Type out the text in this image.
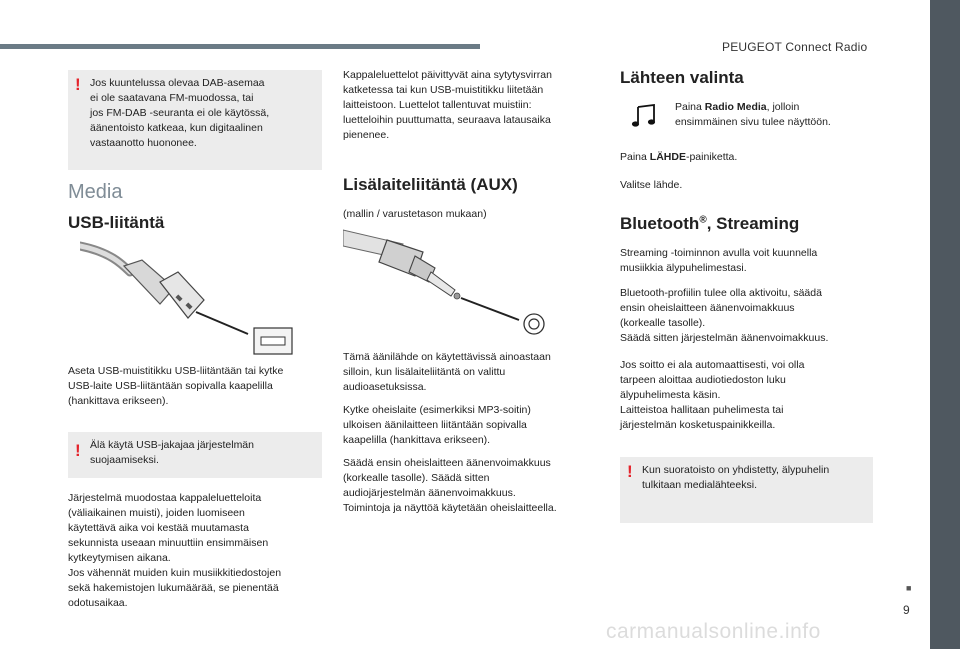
PEUGEOT Connect Radio
■
9
carmanualsonline.info
! Jos kuuntelussa olevaa DAB-asemaa
ei ole saatavana FM-muodossa, tai
jos FM-DAB -seuranta ei ole käytössä,
äänentoisto katkeaa, kun digitaalinen
vastaanotto huononee.
Media
USB-liitäntä

Aseta USB-muistitikku USB-liitäntään tai kytke

USB-laite USB-liitäntään sopivalla kaapelilla

(hankittava erikseen).

! Älä käytä USB-jakajaa järjestelmän
suojaamiseksi.

Järjestelmä muodostaa kappaleluetteloita

(väliaikainen muisti), joiden luomiseen

käytettävä aika voi kestää muutamasta

sekunnista useaan minuuttiin ensimmäisen

kytkeytymisen aikana.

Jos vähennät muiden kuin musiikkitiedostojen

sekä hakemistojen lukumäärää, se pienentää

odotusaikaa.

Kappaleluettelot päivittyvät aina sytytysvirran

katketessa tai kun USB-muistitikku liitetään

laitteistoon. Luettelot tallentuvat muistiin:

luetteloihin puuttumatta, seuraava latausaika

pienenee.

Lisälaiteliitäntä (AUX)

(mallin / varustetason mukaan)

Tämä äänilähde on käytettävissä ainoastaan

silloin, kun lisälaiteliitäntä on valittu

audioasetuksissa.

Kytke oheislaite (esimerkiksi MP3-soitin)

ulkoisen äänilaitteen liitäntään sopivalla

kaapelilla (hankittava erikseen).

Säädä ensin oheislaitteen äänenvoimakkuus

(korkealle tasolle). Säädä sitten

audiojärjestelmän äänenvoimakkuus.

Toimintoja ja näyttöä käytetään oheislaitteella.

Lähteen valinta

Paina Radio Media, jolloin

ensimmäinen sivu tulee näyttöön.

Paina LÄHDE-painiketta.

Valitse lähde.

Bluetooth®, Streaming

Streaming -toiminnon avulla voit kuunnella

musiikkia älypuhelimestasi.

Bluetooth-profiilin tulee olla aktivoitu, säädä

ensin oheislaitteen äänenvoimakkuus

(korkealle tasolle).

Säädä sitten järjestelmän äänenvoimakkuus.

Jos soitto ei ala automaattisesti, voi olla

tarpeen aloittaa audiotiedoston luku

älypuhelimesta käsin.

Laitteistoa hallitaan puhelimesta tai

järjestelmän kosketuspainikkeilla.

! Kun suoratoisto on yhdistetty, älypuhelin
tulkitaan medialähteeksi.
